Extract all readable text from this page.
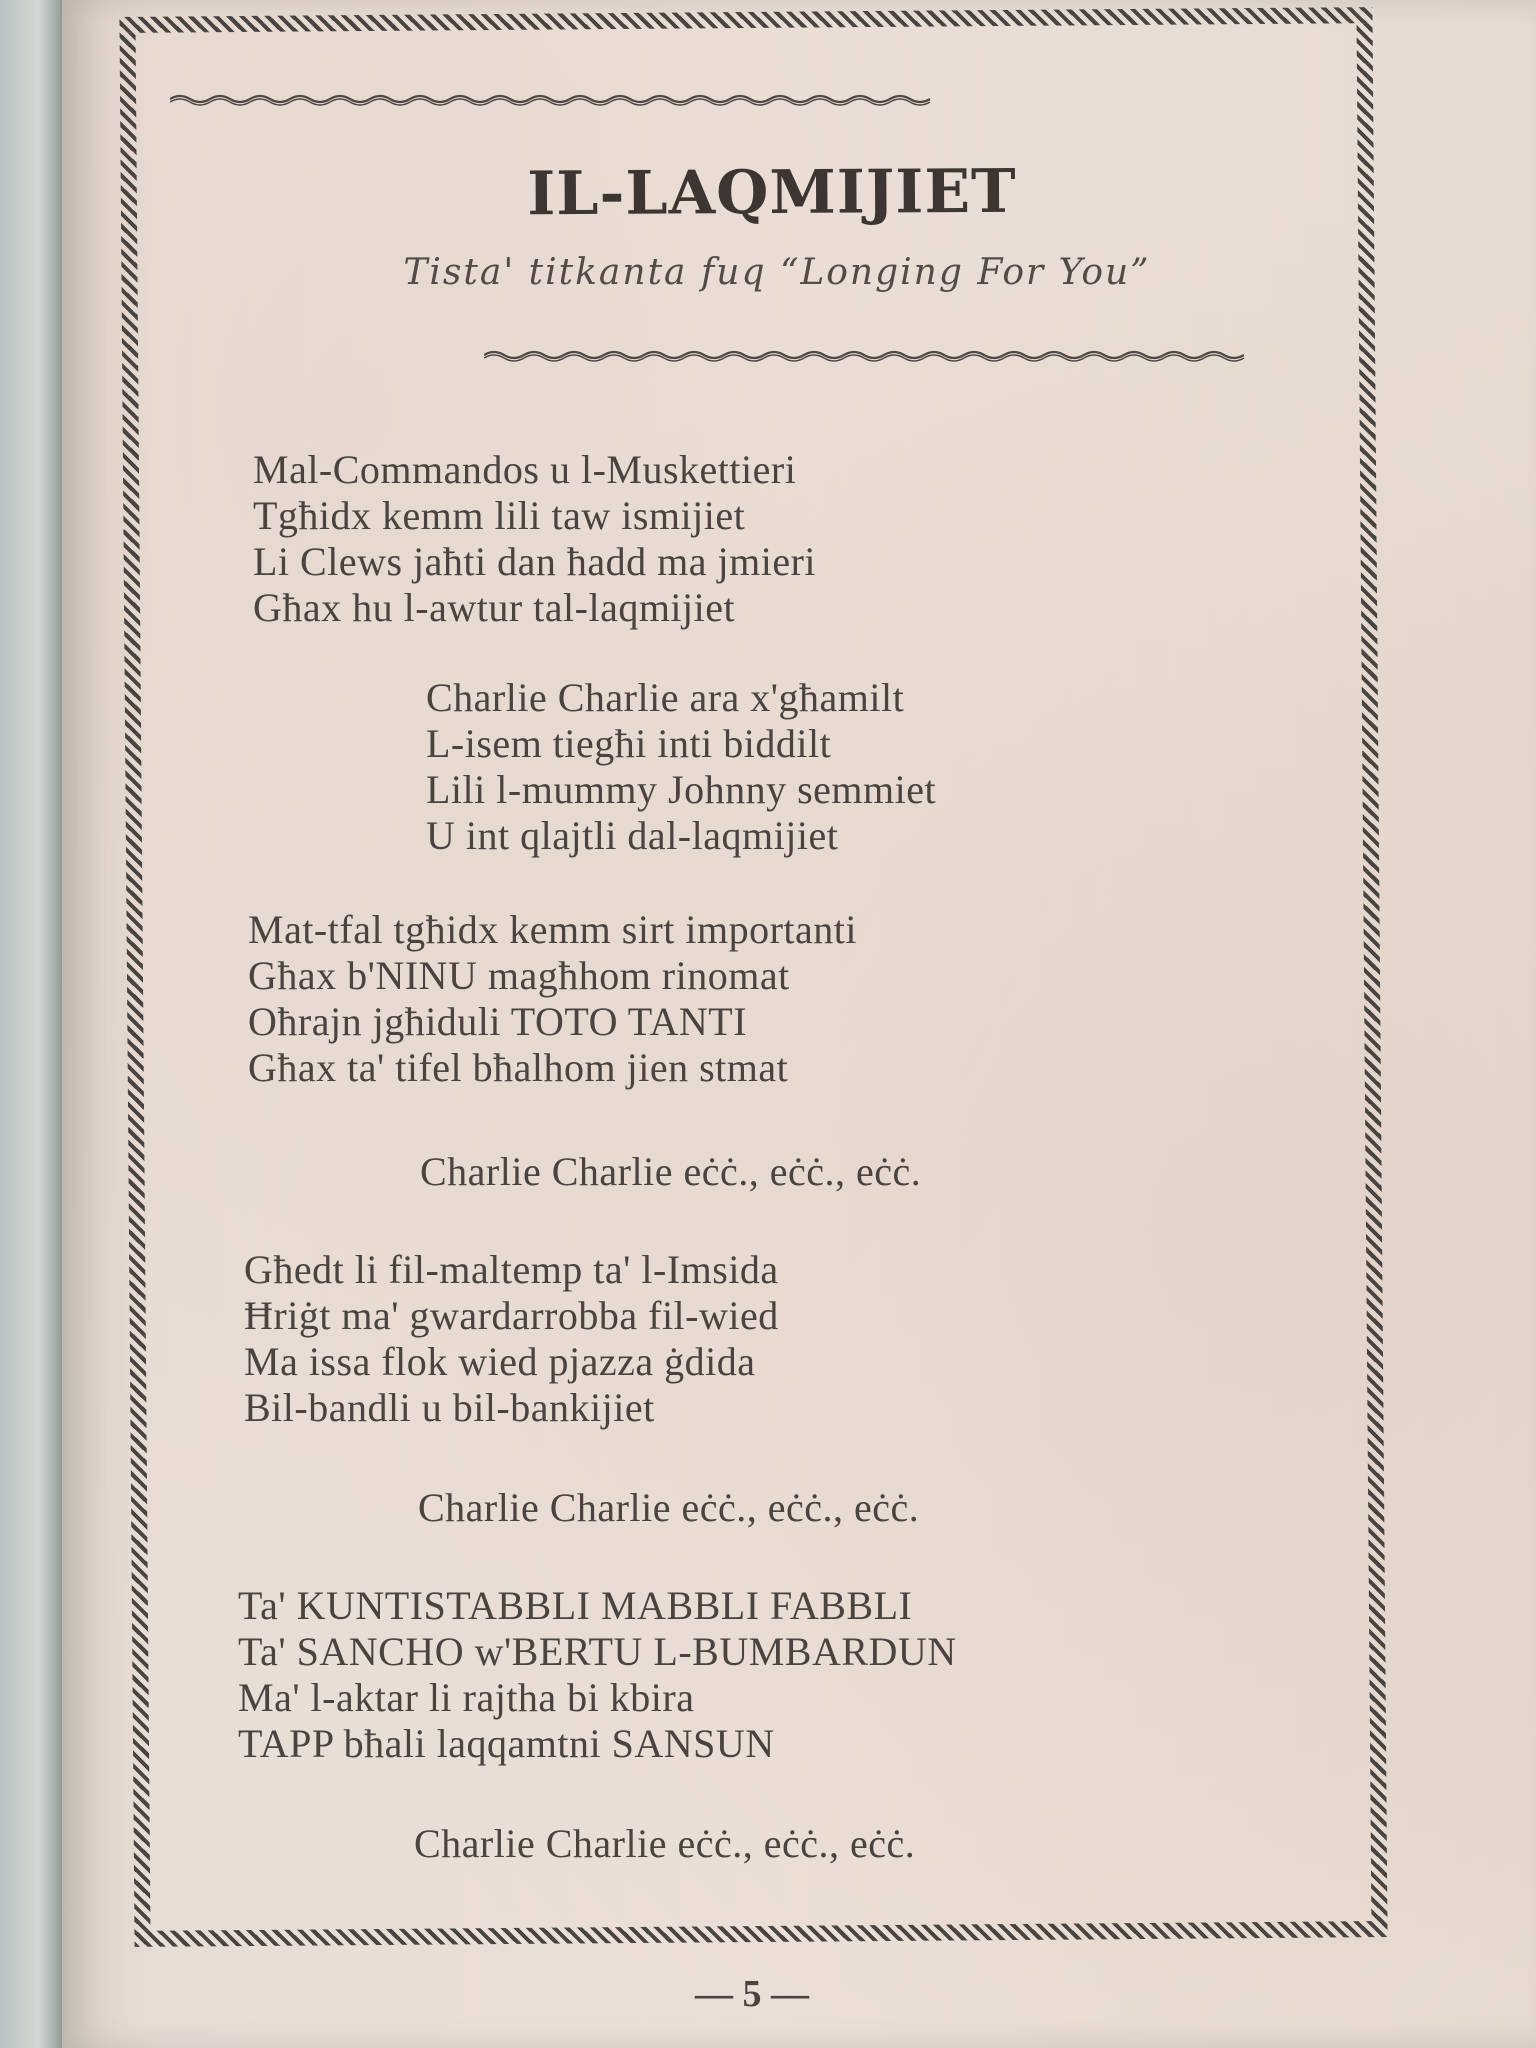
IL-LAQMIJIET

Tista' titkanta fuq “Longing For You”

Mal-Commandos u l-Muskettieri

Tgħidx kemm lili taw ismijiet

Li Clews jaħti dan ħadd ma jmieri

Għax hu l-awtur tal-laqmijiet

Charlie Charlie ara x'għamilt

L-isem tiegħi inti biddilt

Lili l-mummy Johnny semmiet

U int qlajtli dal-laqmijiet

Mat-tfal tgħidx kemm sirt importanti

Għax b'NINU magħhom rinomat

Oħrajn jgħiduli TOTO TANTI

Għax ta' tifel bħalhom jien stmat

Charlie Charlie eċċ., eċċ., eċċ.

Għedt li fil-maltemp ta' l-Imsida

Ħriġt ma' gwardarrobba fil-wied

Ma issa flok wied pjazza ġdida

Bil-bandli u bil-bankijiet

Charlie Charlie eċċ., eċċ., eċċ.

Ta' KUNTISTABBLI MABBLI FABBLI

Ta' SANCHO w'BERTU L-BUMBARDUN

Ma' l-aktar li rajtha bi kbira

TAPP bħali laqqamtni SANSUN

Charlie Charlie eċċ., eċċ., eċċ.

— 5 —
